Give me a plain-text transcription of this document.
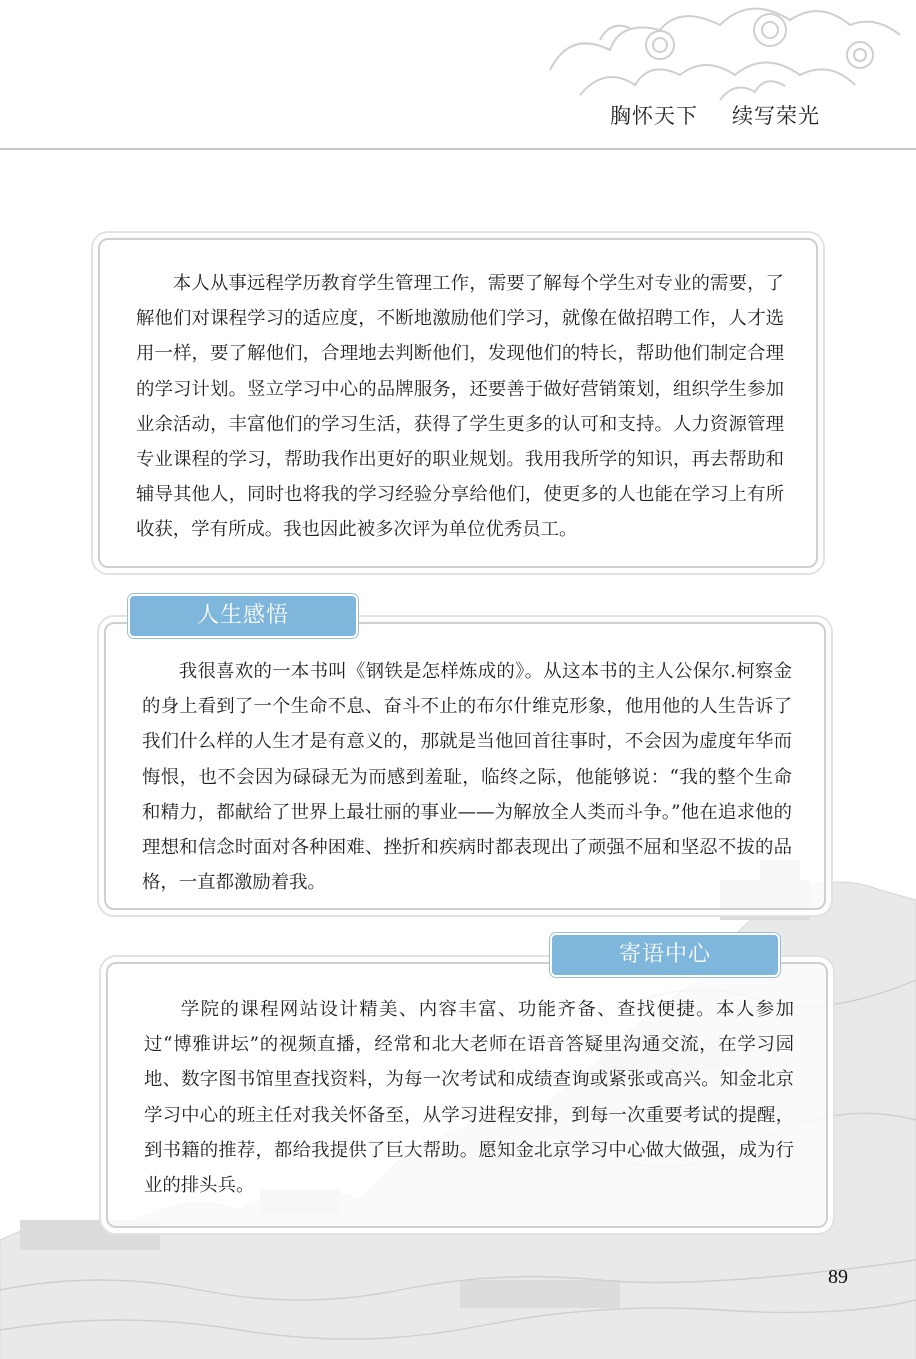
胸怀天下 续写荣光

本人从事远程学历教育学生管理工作，需要了解每个学生对专业的需要，了解他们对课程学习的适应度，不断地激励他们学习，就像在做招聘工作，人才选用一样，要了解他们，合理地去判断他们，发现他们的特长，帮助他们制定合理的学习计划。竖立学习中心的品牌服务，还要善于做好营销策划，组织学生参加业余活动，丰富他们的学习生活，获得了学生更多的认可和支持。人力资源管理专业课程的学习，帮助我作出更好的职业规划。我用我所学的知识，再去帮助和辅导其他人，同时也将我的学习经验分享给他们，使更多的人也能在学习上有所收获，学有所成。我也因此被多次评为单位优秀员工。

我很喜欢的一本书叫《钢铁是怎样炼成的》。从这本书的主人公保尔.柯察金的身上看到了一个生命不息、奋斗不止的布尔什维克形象，他用他的人生告诉了我们什么样的人生才是有意义的，那就是当他回首往事时，不会因为虚度年华而悔恨，也不会因为碌碌无为而感到羞耻，临终之际，他能够说：“我的整个生命和精力，都献给了世界上最壮丽的事业——为解放全人类而斗争。”他在追求他的理想和信念时面对各种困难、挫折和疾病时都表现出了顽强不屈和坚忍不拔的品格，一直都激励着我。

人生感悟

学院的课程网站设计精美、内容丰富、功能齐备、查找便捷。本人参加过“博雅讲坛”的视频直播，经常和北大老师在语音答疑里沟通交流，在学习园地、数字图书馆里查找资料，为每一次考试和成绩查询或紧张或高兴。知金北京学习中心的班主任对我关怀备至，从学习进程安排，到每一次重要考试的提醒，到书籍的推荐，都给我提供了巨大帮助。愿知金北京学习中心做大做强，成为行业的排头兵。

寄语中心
89
